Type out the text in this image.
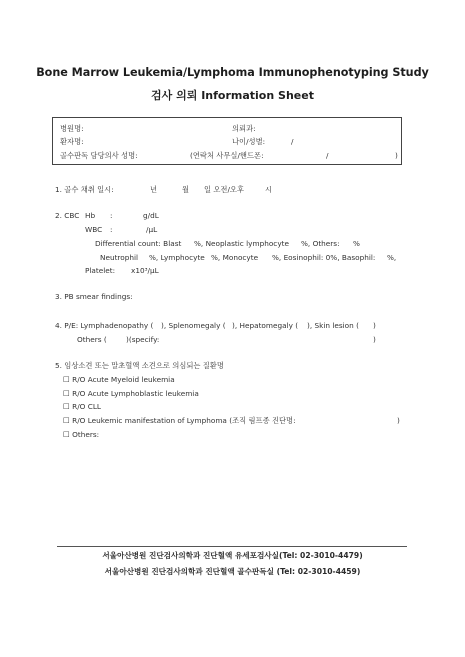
Bone Marrow Leukemia/Lymphoma Immunophenotyping Study
검사 의뢰 Information Sheet
병원명:	의뢰과:
환자명:	나이/성별:	/
골수판독 담당의사 성명:	(연락처 사무실/핸드폰:	/	)
1. 골수 채취 일시:	년	월 일 오전/오후	시
2. CBC Hb :	g/dL
WBC :	/μL
Differential count: Blast %, Neoplastic lymphocyte %, Others: %
Neutrophil %, Lymphocyte %, Monocyte %, Eosinophil: 0%, Basophil: %,
Platelet: x10³/μL
3. PB smear findings:
4. P/E: Lymphadenopathy ( ), Splenomegaly ( ), Hepatomegaly ( ), Skin lesion ( )
Others (	)(specify:	)
5. 임상소견 또는 말초혈액 소견으로 의심되는 질환명
☐ R/O Acute Myeloid leukemia
☐ R/O Acute Lymphoblastic leukemia
☐ R/O CLL
☐ R/O Leukemic manifestation of Lymphoma (조직 림프종 진단명:	)
☐ Others:
서울아산병원 진단검사의학과 진단혈액 유세포검사실(Tel: 02-3010-4479)
서울아산병원 진단검사의학과 진단혈액 골수판독실 (Tel: 02-3010-4459)
